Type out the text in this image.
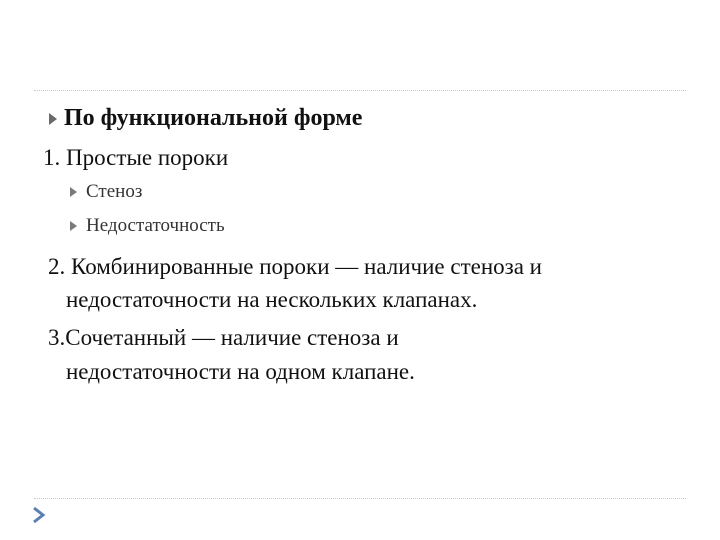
По функциональной форме
1. Простые пороки
Стеноз
Недостаточность
2. Комбинированные пороки — наличие стеноза и
недостаточности на нескольких клапанах.
3.Сочетанный — наличие стеноза и
недостаточности на одном клапане.
